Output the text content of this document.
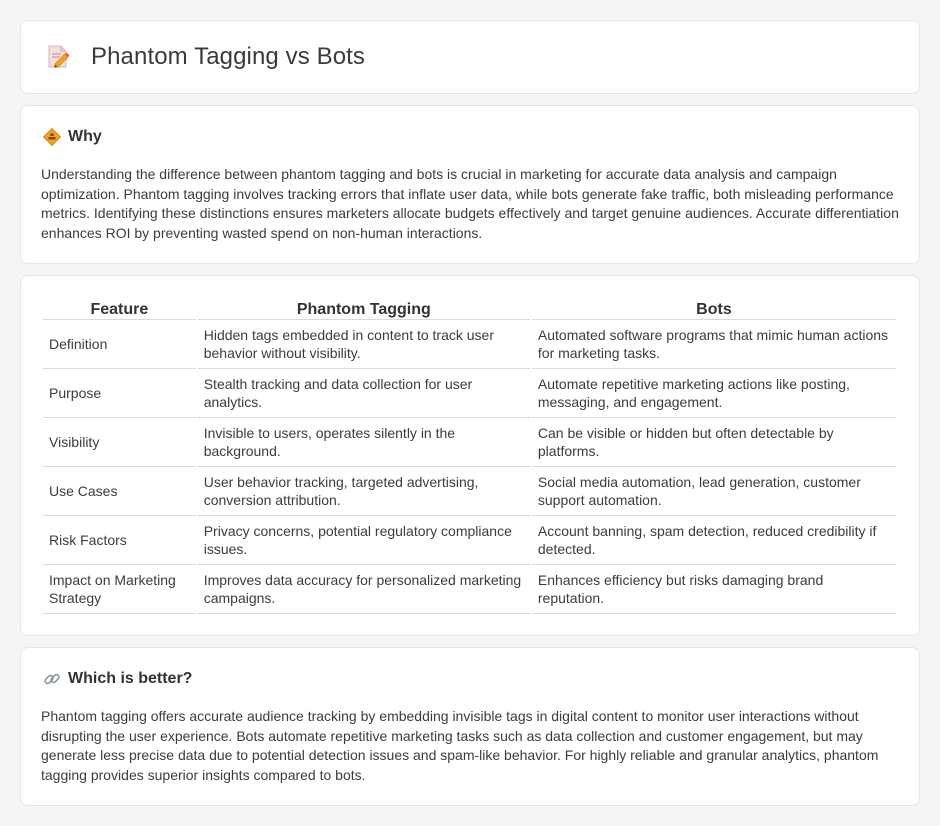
Phantom Tagging vs Bots
Why

Understanding the difference between phantom tagging and bots is crucial in marketing for accurate data analysis and campaign optimization. Phantom tagging involves tracking errors that inflate user data, while bots generate fake traffic, both misleading performance metrics. Identifying these distinctions ensures marketers allocate budgets effectively and target genuine audiences. Accurate differentiation enhances ROI by preventing wasted spend on non-human interactions.

Feature	Phantom Tagging	Bots
Definition	Hidden tags embedded in content to track user behavior without visibility.	Automated software programs that mimic human actions for marketing tasks.
Purpose	Stealth tracking and data collection for user analytics.	Automate repetitive marketing actions like posting, messaging, and engagement.
Visibility	Invisible to users, operates silently in the background.	Can be visible or hidden but often detectable by platforms.
Use Cases	User behavior tracking, targeted advertising, conversion attribution.	Social media automation, lead generation, customer support automation.
Risk Factors	Privacy concerns, potential regulatory compliance issues.	Account banning, spam detection, reduced credibility if detected.
Impact on Marketing Strategy	Improves data accuracy for personalized marketing campaigns.	Enhances efficiency but risks damaging brand reputation.
Which is better?

Phantom tagging offers accurate audience tracking by embedding invisible tags in digital content to monitor user interactions without disrupting the user experience. Bots automate repetitive marketing tasks such as data collection and customer engagement, but may generate less precise data due to potential detection issues and spam-like behavior. For highly reliable and granular analytics, phantom tagging provides superior insights compared to bots.
